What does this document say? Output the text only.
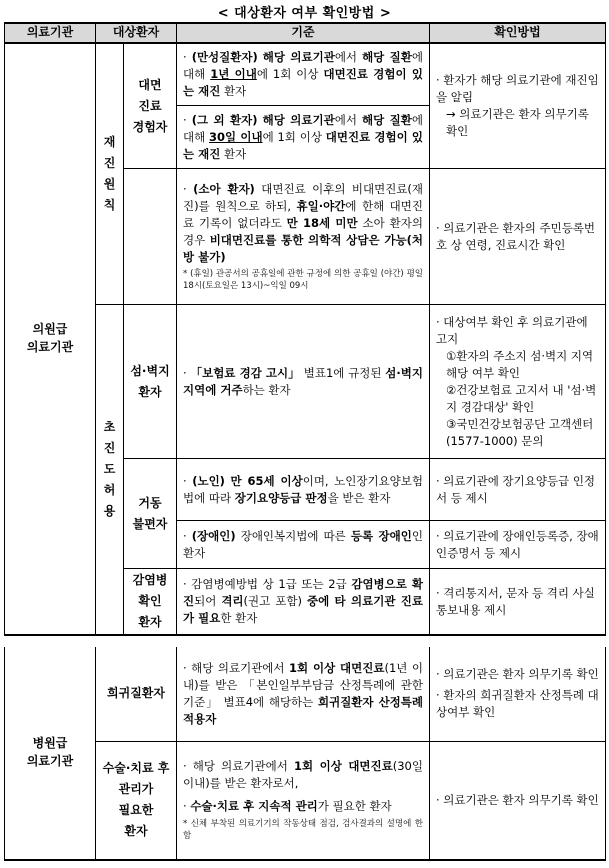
< 대상환자 여부 확인방법 >
의료기관	대상환자		기준	확인방법
의원급
의료기관	재
진
원
칙	대면
진료
경험자	· (만성질환자) 해당 의료기관에서 해당 질환에 대해 1년 이내에 1회 이상 대면진료 경험이 있는 재진 환자	· 환자가 해당 의료기관에 재진임을 알림
→ 의료기관은 환자 의무기록 확인

			· (그 외 환자) 해당 의료기관에서 해당 질환에 대해 30일 이내에 1회 이상 대면진료 경험이 있는 재진 환자	

			· (소아 환자) 대면진료 이후의 비대면진료(재진)를 원칙으로 하되, 휴일·야간에 한해 대면진료 기록이 없더라도 만 18세 미만 소아 환자의 경우 비대면진료를 통한 의학적 상담은 가능(처방 불가)
* (휴일) 관공서의 공휴일에 관한 규정에 의한 공휴일 (야간) 평일 18시(토요일은 13시)~익일 09시	· 의료기관은 환자의 주민등록번호 상 연령, 진료시간 확인
	초
진
도
허
용	섬·벽지
환자	· 「보험료 경감 고시」 별표1에 규정된 섬·벽지 지역에 거주하는 환자	· 대상여부 확인 후 의료기관에 고지
①환자의 주소지 섬·벽지 지역 해당 여부 확인
②건강보험료 고지서 내 '섬·벽지 경감대상' 확인
③국민건강보험공단 고객센터 (1577-1000) 문의

		거동
불편자	· (노인) 만 65세 이상이며, 노인장기요양보험법에 따라 장기요양등급 판정을 받은 환자	· 의료기관에 장기요양등급 인정서 등 제시
			· (장애인) 장애인복지법에 따른 등록 장애인인 환자	· 의료기관에 장애인등록증, 장애인증명서 등 제시
		감염병
확인
환자	· 감염병예방법 상 1급 또는 2급 감염병으로 확진되어 격리(권고 포함) 중에 타 의료기관 진료가 필요한 환자	· 격리통지서, 문자 등 격리 사실 통보내용 제시
병원급
의료기관	희귀질환자	· 해당 의료기관에서 1회 이상 대면진료(1년 이내)를 받은 「본인일부부담금 산정특례에 관한 기준」 별표4에 해당하는 희귀질환자 산정특례 적용자	· 의료기관은 환자 의무기록 확인
· 환자의 희귀질환자 산정특례 대상여부 확인

	수술·치료 후
관리가
필요한
환자	· 해당 의료기관에서 1회 이상 대면진료(30일 이내)를 받은 환자로서,
· 수술·치료 후 지속적 관리가 필요한 환자
* 신체 부착된 의료기기의 작동상태 점검, 검사결과의 설명에 한함	· 의료기관은 환자 의무기록 확인
